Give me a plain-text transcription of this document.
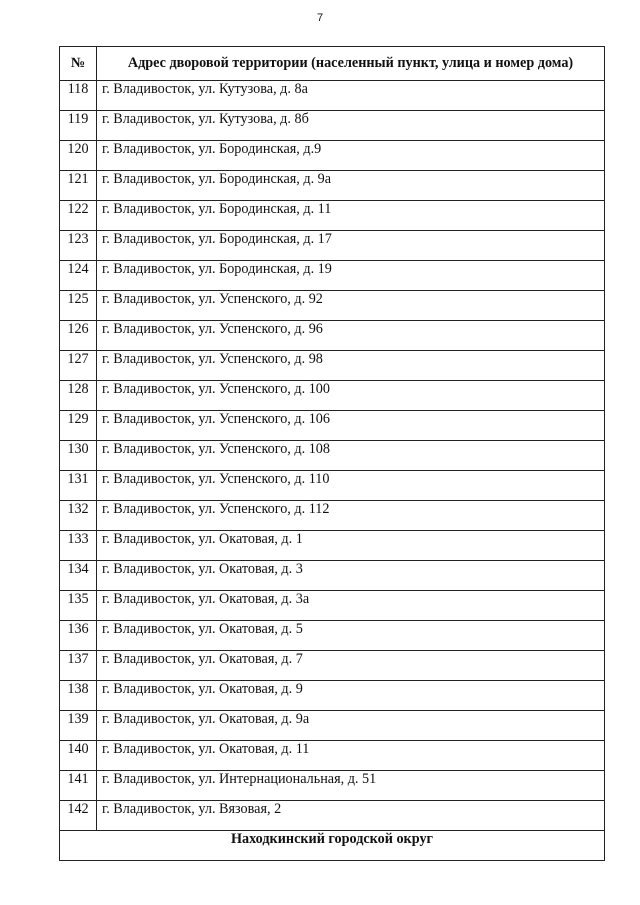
7
№	Адрес дворовой территории (населенный пункт, улица и номер дома)
118	г. Владивосток, ул. Кутузова, д. 8а
119	г. Владивосток, ул. Кутузова, д. 8б
120	г. Владивосток, ул. Бородинская, д.9
121	г. Владивосток, ул. Бородинская, д. 9а
122	г. Владивосток, ул. Бородинская, д. 11
123	г. Владивосток, ул. Бородинская, д. 17
124	г. Владивосток, ул. Бородинская, д. 19
125	г. Владивосток, ул. Успенского, д. 92
126	г. Владивосток, ул. Успенского, д. 96
127	г. Владивосток, ул. Успенского, д. 98
128	г. Владивосток, ул. Успенского, д. 100
129	г. Владивосток, ул. Успенского, д. 106
130	г. Владивосток, ул. Успенского, д. 108
131	г. Владивосток, ул. Успенского, д. 110
132	г. Владивосток, ул. Успенского, д. 112
133	г. Владивосток, ул. Окатовая, д. 1
134	г. Владивосток, ул. Окатовая, д. 3
135	г. Владивосток, ул. Окатовая, д. 3а
136	г. Владивосток, ул. Окатовая, д. 5
137	г. Владивосток, ул. Окатовая, д. 7
138	г. Владивосток, ул. Окатовая, д. 9
139	г. Владивосток, ул. Окатовая, д. 9а
140	г. Владивосток, ул. Окатовая, д. 11
141	г. Владивосток, ул. Интернациональная, д. 51
142	г. Владивосток, ул. Вязовая, 2
Находкинский городской округ	
